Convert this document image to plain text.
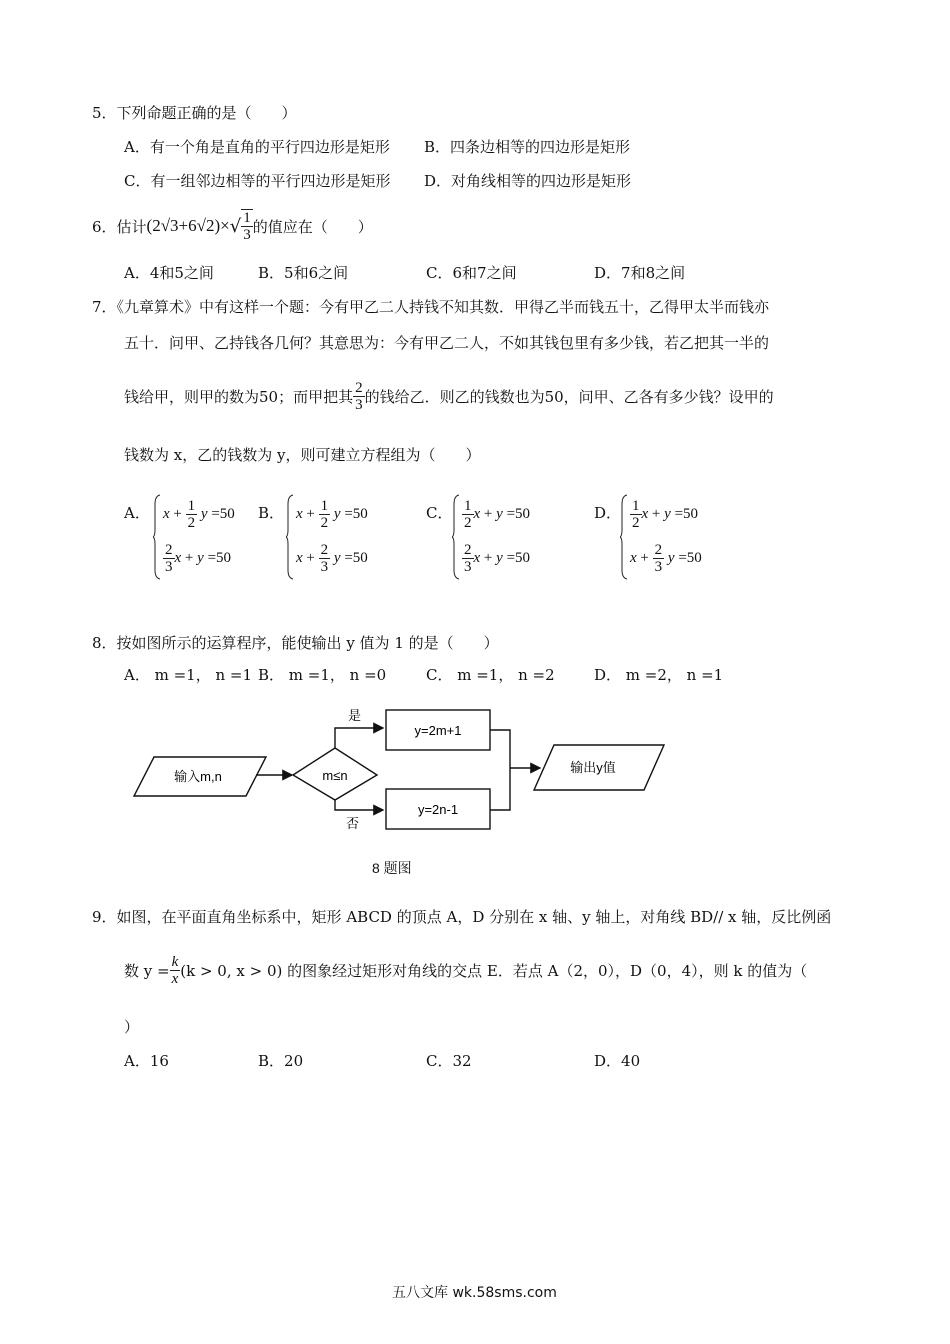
5．下列命题正确的是（　　）
A．有一个角是直角的平行四边形是矩形 B．四条边相等的四边形是矩形
C．有一组邻边相等的平行四边形是矩形 D．对角线相等的四边形是矩形
6．估计 (2√3+6√2)× √ $\frac{1}{3}$ 的值应在（　　）
A．4和5之间	B．5和6之间	C．6和7之间	D．7和8之间
7．《九章算术》中有这样一个题：今有甲乙二人持钱不知其数．甲得乙半而钱五十，乙得甲太半而钱亦
五十．问甲、乙持钱各几何？其意思为：今有甲乙二人，不如其钱包里有多少钱，若乙把其一半的
钱给甲，则甲的数为50；而甲把其 $\frac{2}{3}$ 的钱给乙．则乙的钱数也为50，问甲、乙各有多少钱？设甲的
钱数为 x，乙的钱数为 y，则可建立方程组为（　　）
A． $x + \frac{1}{2}$ y =50
$\frac{2}{3}$ x + y =50
B． $x + \frac{1}{2}$ y =50
$x + \frac{2}{3}$ y =50
C． $\frac{1}{2}$ x + y =50
$\frac{2}{3}$ x + y =50
D． $\frac{1}{2}$ x + y =50
$x + \frac{2}{3}$ y =50
8．按如图所示的运算程序，能使输出 y 值为 1 的是（　　）
A． m =1， n =1 B． m =1， n =0	C． m =1， n =2	D． m =2， n =1
输入m,n	m≤n
是
y=2m+1
否
y=2n-1
输出y值
8 题图
9．如图，在平面直角坐标系中，矩形 ABCD 的顶点 A，D 分别在 x 轴、y 轴上，对角线 BD// x 轴，反比例函
数 $y = \frac{k}{x} (k > 0$, x > 0) 的图象经过矩形对角线的交点 E．若点 A（2，0），D（0，4），则 k 的值为（
）
A．16	B．20	C．32	D．40
五八文库 wk.58sms.com
